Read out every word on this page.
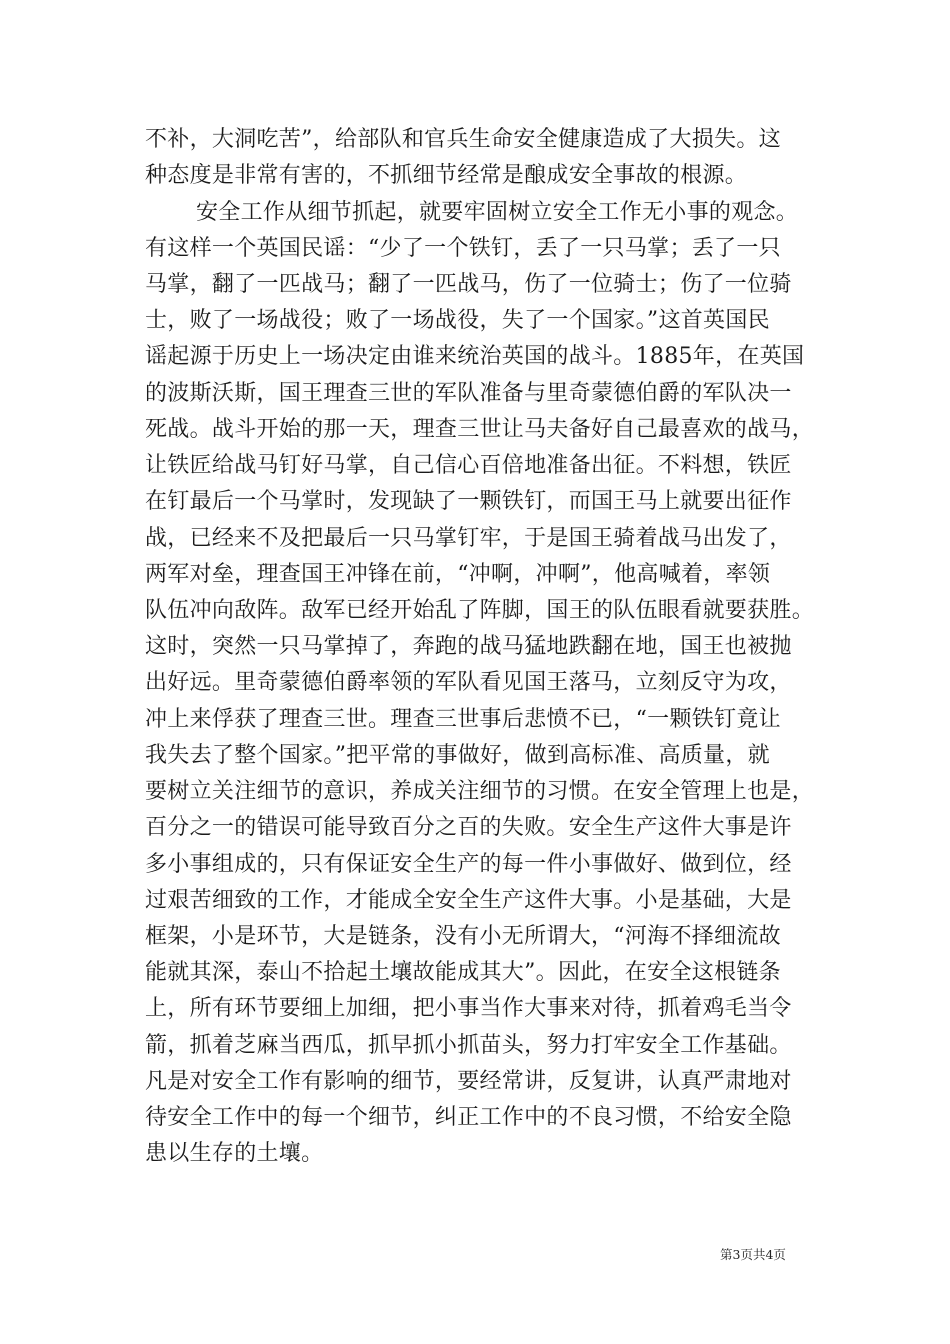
不补，大洞吃苦”，给部队和官兵生命安全健康造成了大损失。这
种态度是非常有害的，不抓细节经常是酿成安全事故的根源。
安全工作从细节抓起，就要牢固树立安全工作无小事的观念。
有这样一个英国民谣：“少了一个铁钉，丢了一只马掌；丢了一只
马掌，翻了一匹战马；翻了一匹战马，伤了一位骑士；伤了一位骑
士，败了一场战役；败了一场战役，失了一个国家。”这首英国民
谣起源于历史上一场决定由谁来统治英国的战斗。1885年，在英国
的波斯沃斯，国王理查三世的军队准备与里奇蒙德伯爵的军队决一
死战。战斗开始的那一天，理查三世让马夫备好自己最喜欢的战马，
让铁匠给战马钉好马掌，自己信心百倍地准备出征。不料想，铁匠
在钉最后一个马掌时，发现缺了一颗铁钉，而国王马上就要出征作
战，已经来不及把最后一只马掌钉牢，于是国王骑着战马出发了，
两军对垒，理查国王冲锋在前，“冲啊，冲啊”，他高喊着，率领
队伍冲向敌阵。敌军已经开始乱了阵脚，国王的队伍眼看就要获胜。
这时，突然一只马掌掉了，奔跑的战马猛地跌翻在地，国王也被抛
出好远。里奇蒙德伯爵率领的军队看见国王落马，立刻反守为攻，
冲上来俘获了理查三世。理查三世事后悲愤不已，“一颗铁钉竟让
我失去了整个国家。”把平常的事做好，做到高标准、高质量，就
要树立关注细节的意识，养成关注细节的习惯。在安全管理上也是，
百分之一的错误可能导致百分之百的失败。安全生产这件大事是许
多小事组成的，只有保证安全生产的每一件小事做好、做到位，经
过艰苦细致的工作，才能成全安全生产这件大事。小是基础，大是
框架，小是环节，大是链条，没有小无所谓大，“河海不择细流故
能就其深，泰山不拾起土壤故能成其大”。因此，在安全这根链条
上，所有环节要细上加细，把小事当作大事来对待，抓着鸡毛当令
箭，抓着芝麻当西瓜，抓早抓小抓苗头，努力打牢安全工作基础。
凡是对安全工作有影响的细节，要经常讲，反复讲，认真严肃地对
待安全工作中的每一个细节，纠正工作中的不良习惯，不给安全隐
患以生存的土壤。
第3页共4页
